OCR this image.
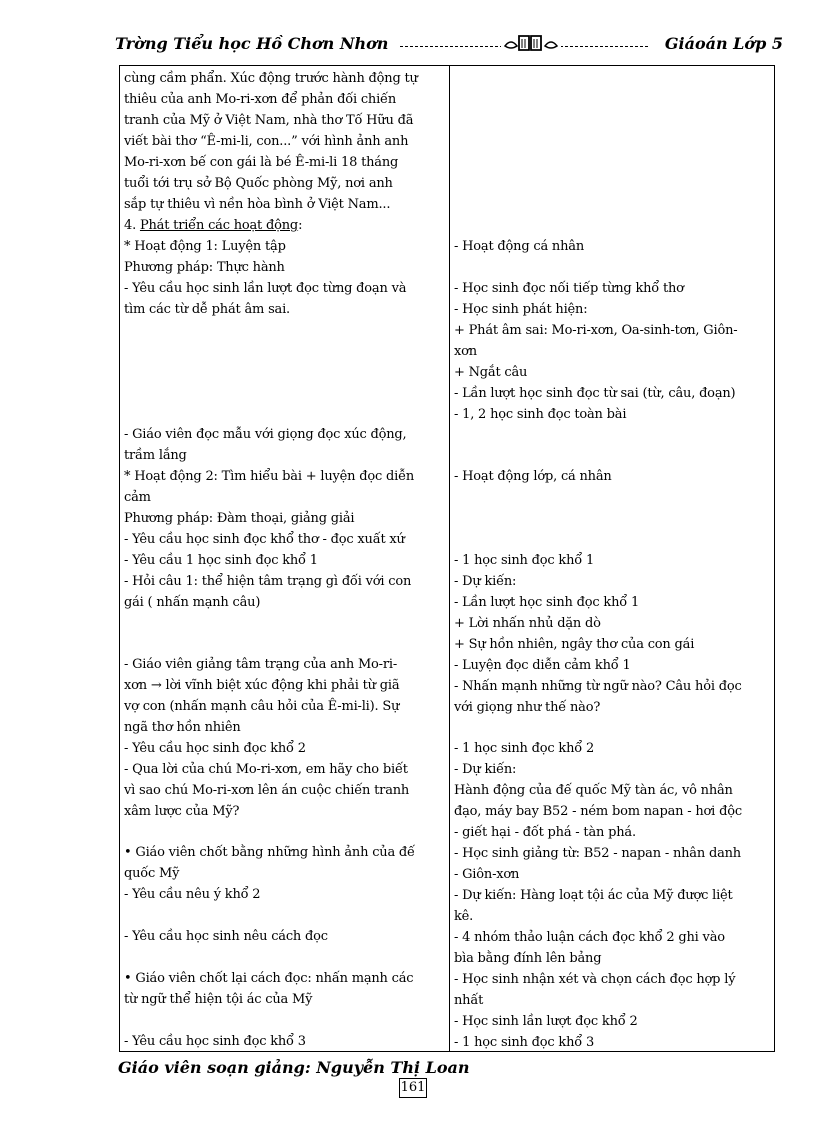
Trờng Tiểu học Hồ Chơn Nhơn	Giáoán Lớp 5
cùng cầm phẩn. Xúc động trước hành động tự
thiêu của anh Mo-ri-xơn để phản đối chiến
tranh của Mỹ ở Việt Nam, nhà thơ Tố Hữu đã
viết bài thơ “Ê-mi-li, con...” với hình ảnh anh
Mo-ri-xơn bế con gái là bé Ê-mi-li 18 tháng
tuổi tới trụ sở Bộ Quốc phòng Mỹ, nơi anh
sắp tự thiêu vì nền hòa bình ở Việt Nam...
4. Phát triển các hoạt động:
* Hoạt động 1: Luyện tập
Phương pháp: Thực hành
- Yêu cầu học sinh lần lượt đọc từng đoạn và
tìm các từ dễ phát âm sai.
- Giáo viên đọc mẫu với giọng đọc xúc động,
trầm lắng
* Hoạt động 2: Tìm hiểu bài + luyện đọc diễn
cảm
Phương pháp: Đàm thoại, giảng giải
- Yêu cầu học sinh đọc khổ thơ - đọc xuất xứ
- Yêu cầu 1 học sinh đọc khổ 1
- Hỏi câu 1: thể hiện tâm trạng gì đối với con
gái ( nhấn mạnh câu)
- Giáo viên giảng tâm trạng của anh Mo-ri-
xơn → lời vĩnh biệt xúc động khi phải từ giã
vợ con (nhấn mạnh câu hỏi của Ê-mi-li). Sự
ngã thơ hồn nhiên
- Yêu cầu học sinh đọc khổ 2
- Qua lời của chú Mo-ri-xơn, em hãy cho biết
vì sao chú Mo-ri-xơn lên án cuộc chiến tranh
xâm lược của Mỹ?
• Giáo viên chốt bằng những hình ảnh của đế
quốc Mỹ
- Yêu cầu nêu ý khổ 2
- Yêu cầu học sinh nêu cách đọc
• Giáo viên chốt lại cách đọc: nhấn mạnh các
từ ngữ thể hiện tội ác của Mỹ
- Yêu cầu học sinh đọc khổ 3
- Hoạt động cá nhân
- Học sinh đọc nối tiếp từng khổ thơ
- Học sinh phát hiện:
+ Phát âm sai: Mo-ri-xơn, Oa-sinh-tơn, Giôn-
xơn
+ Ngắt câu
- Lần lượt học sinh đọc từ sai (từ, câu, đoạn)
- 1, 2 học sinh đọc toàn bài
- Hoạt động lớp, cá nhân
- 1 học sinh đọc khổ 1
- Dự kiến:
- Lần lượt học sinh đọc khổ 1
+ Lời nhấn nhủ dặn dò
+ Sự hồn nhiên, ngây thơ của con gái
- Luyện đọc diễn cảm khổ 1
- Nhấn mạnh những từ ngữ nào? Câu hỏi đọc
với giọng như thế nào?
- 1 học sinh đọc khổ 2
- Dự kiến:
Hành động của đế quốc Mỹ tàn ác, vô nhân
đạo, máy bay B52 - ném bom napan - hơi độc
- giết hại - đốt phá - tàn phá.
- Học sinh giảng từ: B52 - napan - nhân danh
- Giôn-xơn
- Dự kiến: Hàng loạt tội ác của Mỹ được liệt
kê.
- 4 nhóm thảo luận cách đọc khổ 2 ghi vào
bìa bằng đính lên bảng
- Học sinh nhận xét và chọn cách đọc hợp lý
nhất
- Học sinh lần lượt đọc khổ 2
- 1 học sinh đọc khổ 3
Giáo viên soạn giảng: Nguyễn Thị Loan
161
